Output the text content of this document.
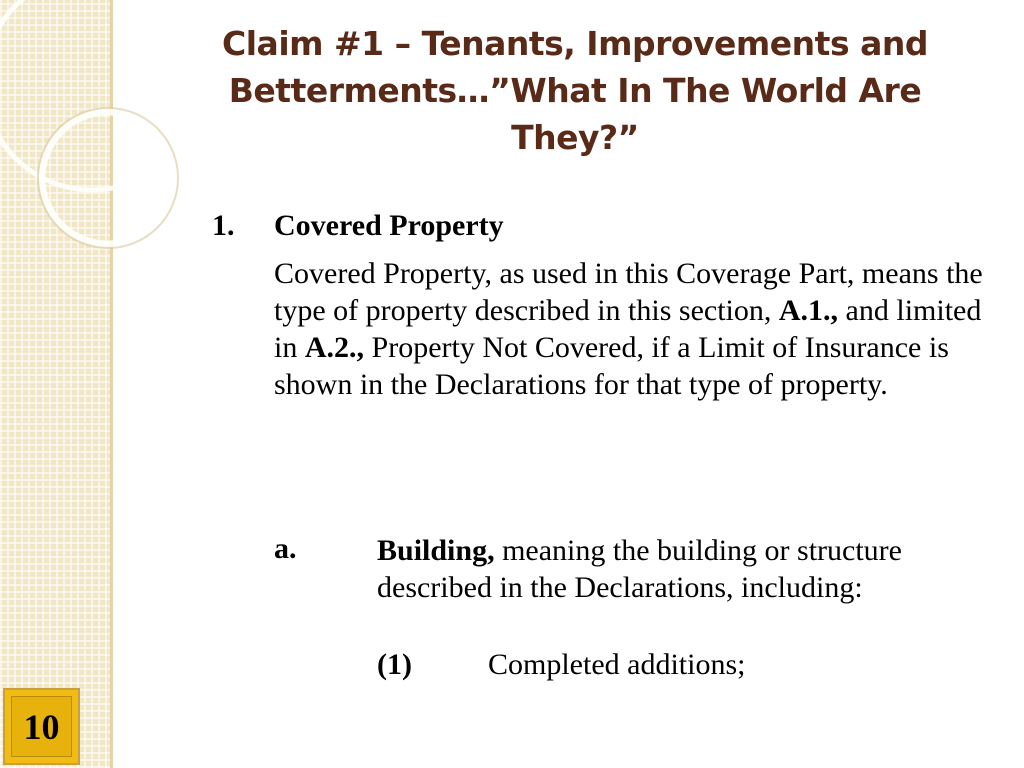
10
Claim #1 – Tenants, Improvements and Betterments…”What In The World Are They?”
1. Covered Property
Covered Property, as used in this Coverage Part, means the type of property described in this section, A.1., and limited in A.2., Property Not Covered, if a Limit of Insurance is shown in the Declarations for that type of property.
a.	Building, meaning the building or structure described in the Declarations, including:
(1)	Completed additions;
